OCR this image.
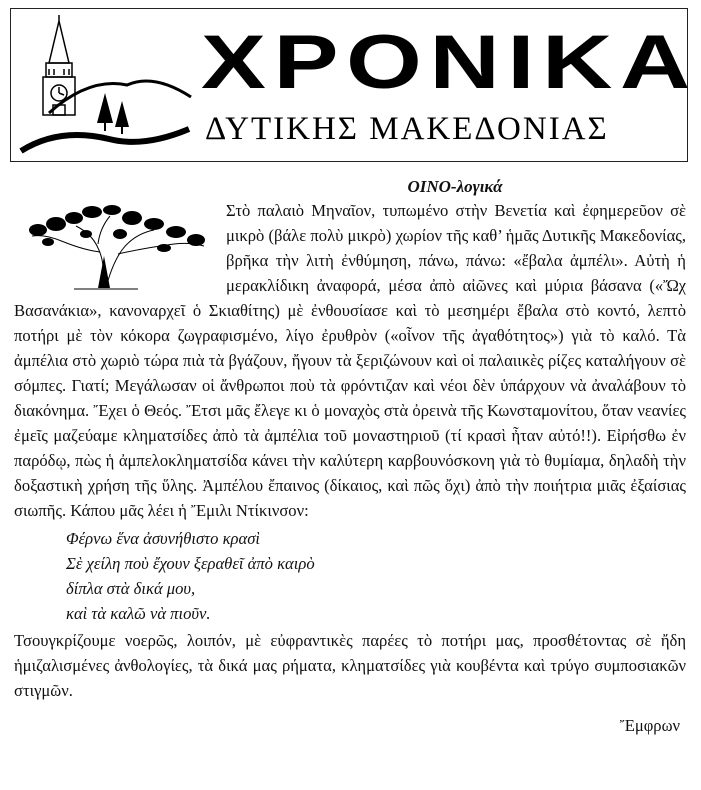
ΧΡΟΝΙΚΑ
ΔΥΤΙΚΗΣ ΜΑΚΕΔΟΝΙΑΣ
ΟΙΝΟ-λογικά

Στὸ παλαιὸ Μηναῖον, τυπωμένο στὴν Βενετία καὶ ἐφημερεῦον σὲ μικρὸ (βάλε πολὺ μικρὸ) χωρίον τῆς καθ’ ἡμᾶς Δυτικῆς Μακεδονίας, βρῆκα τὴν λιτὴ ἐνθύμηση, πάνω, πάνω: «ἔβαλα ἀμπέλι». Αὐτὴ ἡ μερακλίδικη ἀναφορά, μέσα ἀπὸ αἰῶνες καὶ μύρια βάσανα («Ὤχ Βασανάκια», κανοναρχεῖ ὁ Σκιαθίτης) μὲ ἐνθουσίασε καὶ τὸ μεσημέρι ἔβαλα στὸ κοντό, λεπτὸ ποτήρι μὲ τὸν κόκορα ζωγραφισμένο, λίγο ἐρυθρὸν («οἶνον τῆς ἀγαθότητος») γιὰ τὸ καλό. Τὰ ἀμπέλια στὸ χωριὸ τώρα πιὰ τὰ βγάζουν, ἤγουν τὰ ξεριζώνουν καὶ οἱ παλαιικὲς ρίζες καταλήγουν σὲ σόμπες. Γιατί; Μεγάλωσαν οἱ ἄνθρωποι ποὺ τὰ φρόντιζαν καὶ νέοι δὲν ὑπάρχουν νὰ ἀναλάβουν τὸ διακόνημα. Ἔχει ὁ Θεός. Ἔτσι μᾶς ἔλεγε κι ὁ μοναχὸς στὰ ὀρεινὰ τῆς Κωνσταμονίτου, ὅταν νεανίες ἐμεῖς μαζεύαμε κληματσίδες ἀπὸ τὰ ἀμπέλια τοῦ μοναστηριοῦ (τί κρασὶ ἦταν αὐτό!!). Εἰρήσθω ἐν παρόδῳ, πὼς ἡ ἀμπελοκληματσίδα κάνει τὴν καλύτερη καρβουνόσκονη γιὰ τὸ θυμίαμα, δηλαδὴ τὴν δοξαστικὴ χρήση τῆς ὕλης. Ἀμπέλου ἔπαινος (δίκαιος, καὶ πῶς ὄχι) ἀπὸ τὴν ποιήτρια μιᾶς ἐξαίσιας σιωπῆς. Κάπου μᾶς λέει ἡ Ἔμιλι Ντίκινσον:

Φέρνω ἕνα ἀσυνήθιστο κρασὶ
Σὲ χείλη ποὺ ἔχουν ξεραθεῖ ἀπὸ καιρὸ
δίπλα στὰ δικά μου,
καὶ τὰ καλῶ νὰ πιοῦν.

Τσουγκρίζουμε νοερῶς, λοιπόν, μὲ εὐφραντικὲς παρέες τὸ ποτήρι μας, προσθέτοντας σὲ ἤδη ἡμιζαλισμένες ἀνθολογίες, τὰ δικά μας ρήματα, κληματσίδες γιὰ κουβέντα καὶ τρύγο συμποσιακῶν στιγμῶν.

Ἔμφρων
